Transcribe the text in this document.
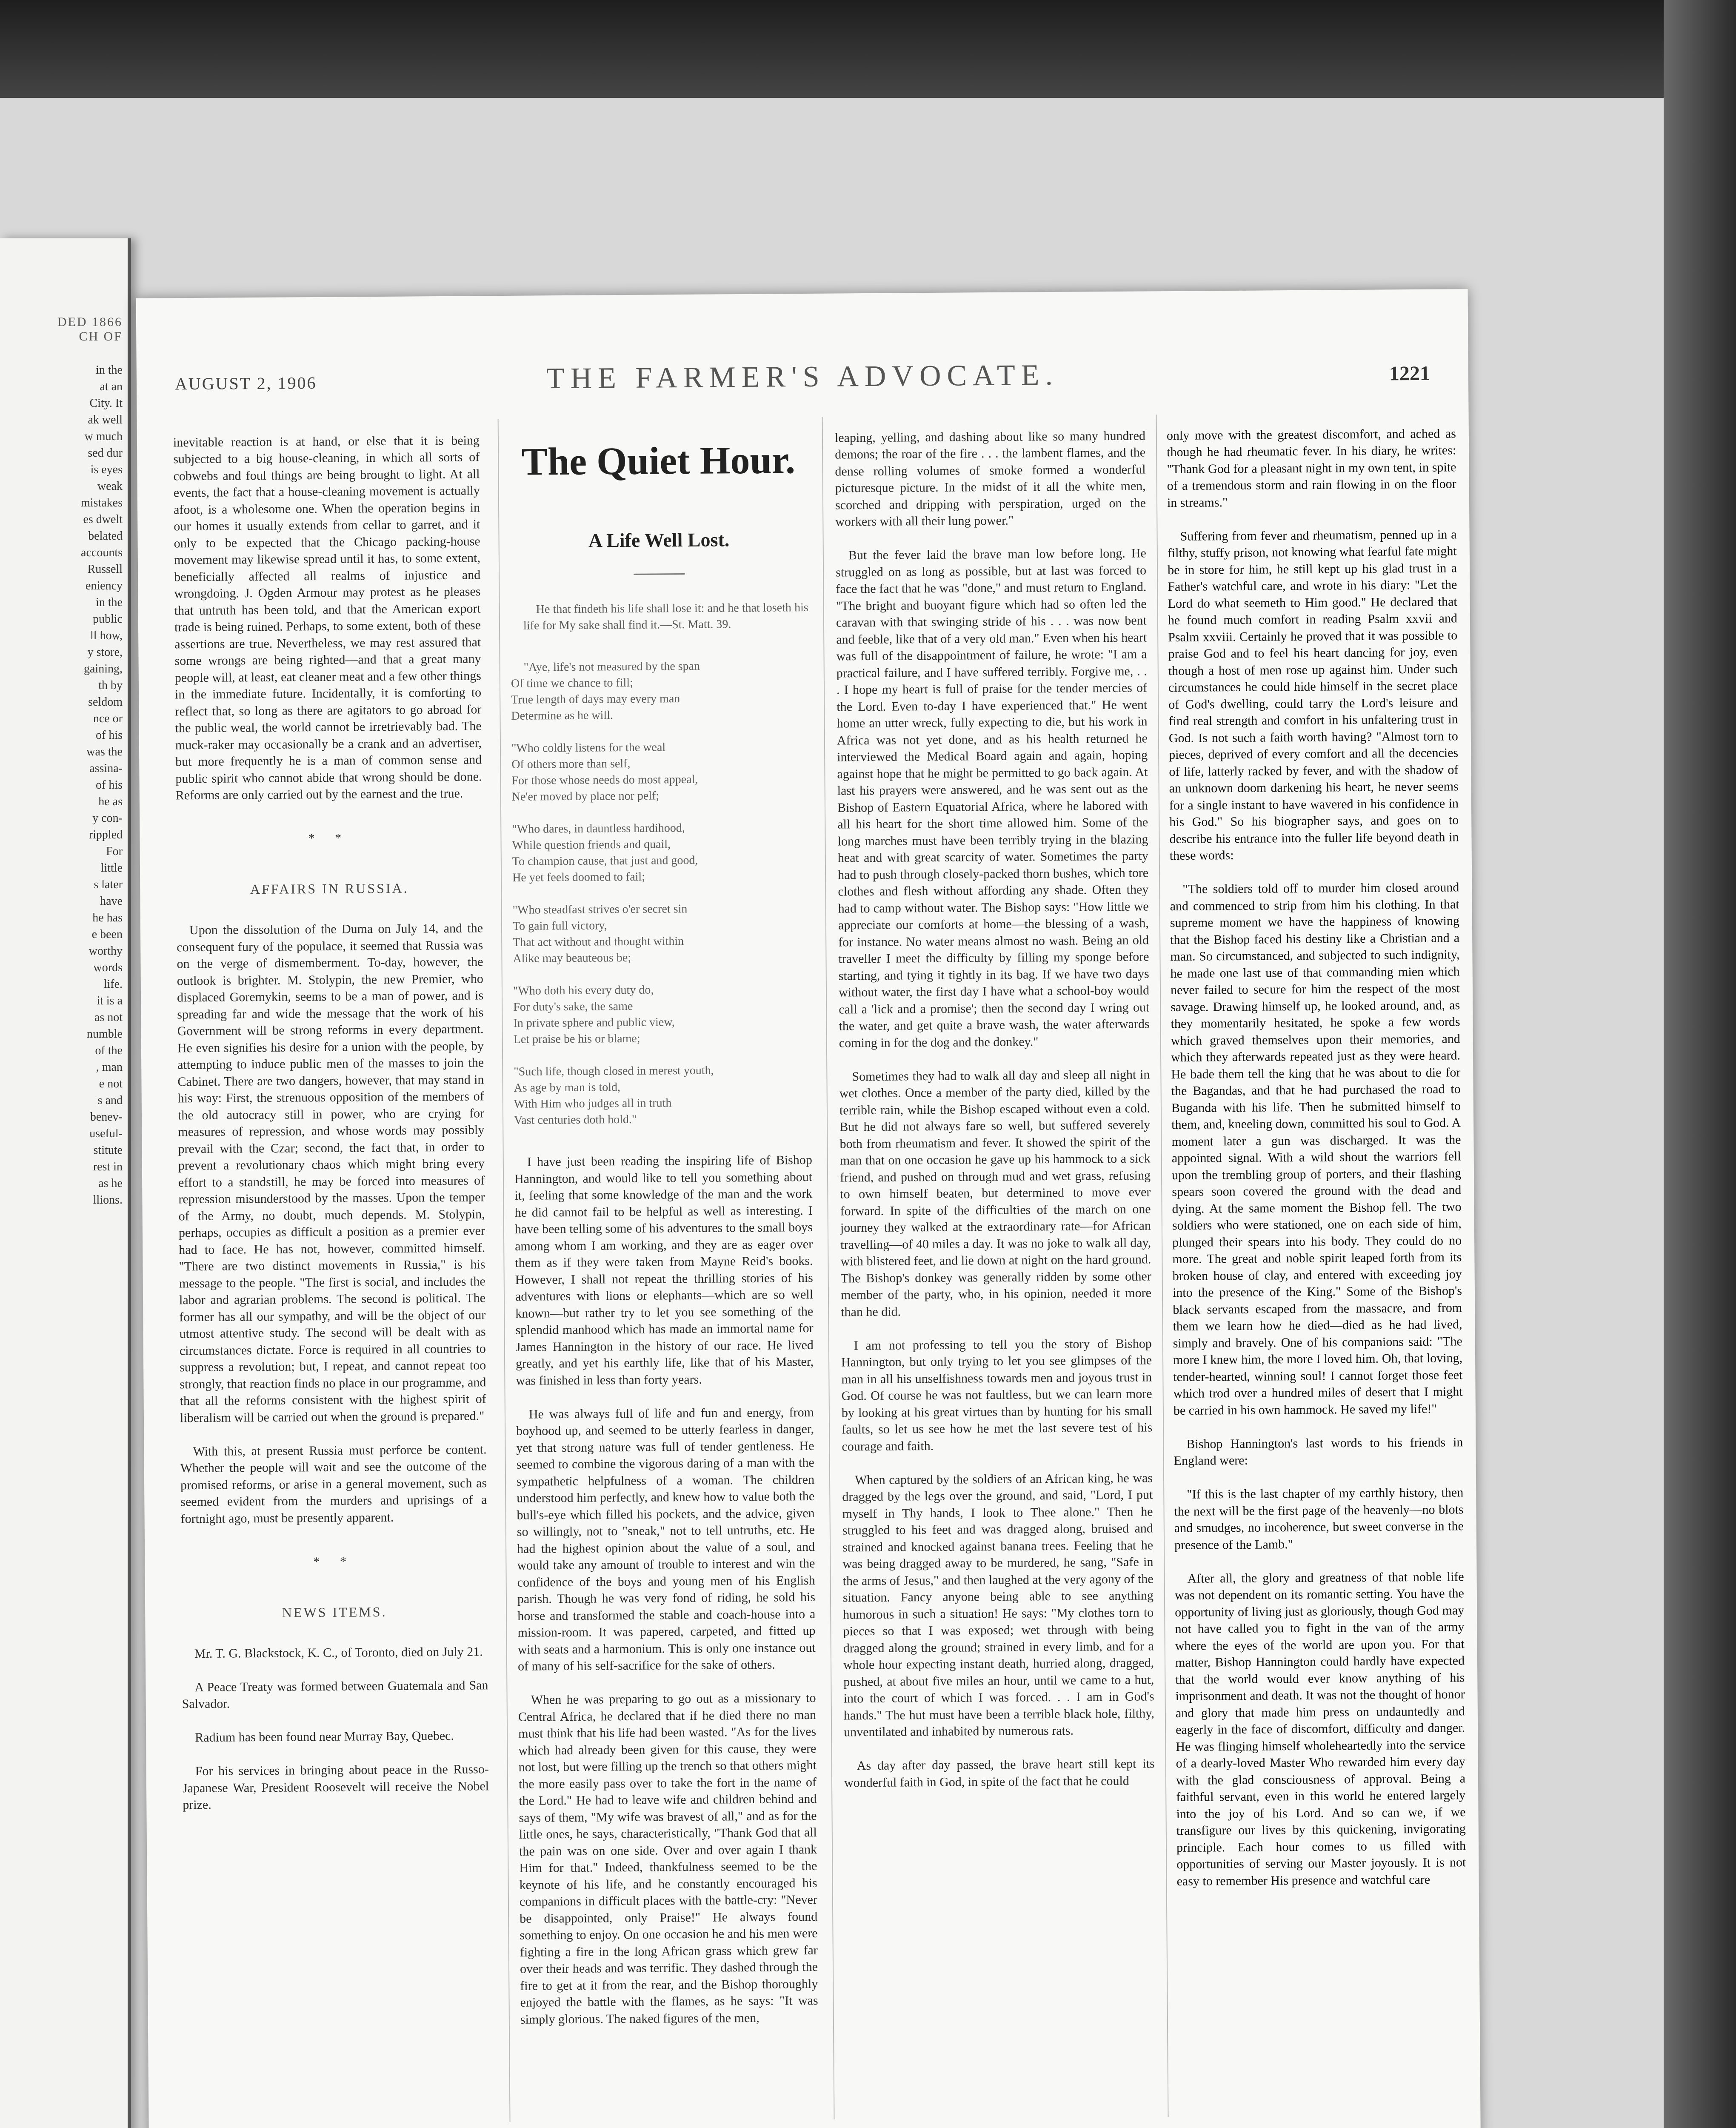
DED 1866
CH OF
in the
at an
City. It
ak well
w much
sed dur
is eyes
weak
mistakes
es dwelt
belated
accounts
Russell
eniency
in the
public
ll how,
y store,
gaining,
th by
seldom
nce or
of his
was the
assina-
of his
he as
y con-
rippled
For
little
s later
have
he has
e been
worthy
words
life.
it is a
as not
numble
of the
, man
e not
s and
benev-
useful-
stitute
rest in
as he
llions.
AUGUST 2, 1906	THE FARMER'S ADVOCATE.	1221

inevitable reaction is at hand, or else that it is being subjected to a big house-cleaning, in which all sorts of cobwebs and foul things are being brought to light. At all events, the fact that a house-cleaning movement is actually afoot, is a wholesome one. When the operation begins in our homes it usually extends from cellar to garret, and it only to be expected that the Chicago packing-house movement may likewise spread until it has, to some extent, beneficially affected all realms of injustice and wrongdoing. J. Ogden Armour may protest as he pleases that untruth has been told, and that the American export trade is being ruined. Perhaps, to some extent, both of these assertions are true. Nevertheless, we may rest assured that some wrongs are being righted—and that a great many people will, at least, eat cleaner meat and a few other things in the immediate future. Incidentally, it is comforting to reflect that, so long as there are agitators to go abroad for the public weal, the world cannot be irretrievably bad. The muck-raker may occasionally be a crank and an advertiser, but more frequently he is a man of common sense and public spirit who cannot abide that wrong should be done. Reforms are only carried out by the earnest and the true.

* *

AFFAIRS IN RUSSIA.

Upon the dissolution of the Duma on July 14, and the consequent fury of the populace, it seemed that Russia was on the verge of dismemberment. To-day, however, the outlook is brighter. M. Stolypin, the new Premier, who displaced Goremykin, seems to be a man of power, and is spreading far and wide the message that the work of his Government will be strong reforms in every department. He even signifies his desire for a union with the people, by attempting to induce public men of the masses to join the Cabinet. There are two dangers, however, that may stand in his way: First, the strenuous opposition of the members of the old autocracy still in power, who are crying for measures of repression, and whose words may possibly prevail with the Czar; second, the fact that, in order to prevent a revolutionary chaos which might bring every effort to a standstill, he may be forced into measures of repression misunderstood by the masses. Upon the temper of the Army, no doubt, much depends. M. Stolypin, perhaps, occupies as difficult a position as a premier ever had to face. He has not, however, committed himself. "There are two distinct movements in Russia," is his message to the people. "The first is social, and includes the labor and agrarian problems. The second is political. The former has all our sympathy, and will be the object of our utmost attentive study. The second will be dealt with as circumstances dictate. Force is required in all countries to suppress a revolution; but, I repeat, and cannot repeat too strongly, that reaction finds no place in our programme, and that all the reforms consistent with the highest spirit of liberalism will be carried out when the ground is prepared."

With this, at present Russia must perforce be content. Whether the people will wait and see the outcome of the promised reforms, or arise in a general movement, such as seemed evident from the murders and uprisings of a fortnight ago, must be presently apparent.

* *

NEWS ITEMS.

Mr. T. G. Blackstock, K. C., of Toronto, died on July 21.

A Peace Treaty was formed between Guatemala and San Salvador.

Radium has been found near Murray Bay, Quebec.

For his services in bringing about peace in the Russo-Japanese War, President Roosevelt will receive the Nobel prize.

The Quiet Hour.

A Life Well Lost.

He that findeth his life shall lose it: and he that loseth his life for My sake shall find it.—St. Matt. 39.

"Aye, life's not measured by the span
Of time we chance to fill;
True length of days may every man
Determine as he will.

"Who coldly listens for the weal
Of others more than self,
For those whose needs do most appeal,
Ne'er moved by place nor pelf;

"Who dares, in dauntless hardihood,
While question friends and quail,
To champion cause, that just and good,
He yet feels doomed to fail;

"Who steadfast strives o'er secret sin
To gain full victory,
That act without and thought within
Alike may beauteous be;

"Who doth his every duty do,
For duty's sake, the same
In private sphere and public view,
Let praise be his or blame;

"Such life, though closed in merest youth,
As age by man is told,
With Him who judges all in truth
Vast centuries doth hold."

I have just been reading the inspiring life of Bishop Hannington, and would like to tell you something about it, feeling that some knowledge of the man and the work he did cannot fail to be helpful as well as interesting. I have been telling some of his adventures to the small boys among whom I am working, and they are as eager over them as if they were taken from Mayne Reid's books. However, I shall not repeat the thrilling stories of his adventures with lions or elephants—which are so well known—but rather try to let you see something of the splendid manhood which has made an immortal name for James Hannington in the history of our race. He lived greatly, and yet his earthly life, like that of his Master, was finished in less than forty years.

He was always full of life and fun and energy, from boyhood up, and seemed to be utterly fearless in danger, yet that strong nature was full of tender gentleness. He seemed to combine the vigorous daring of a man with the sympathetic helpfulness of a woman. The children understood him perfectly, and knew how to value both the bull's-eye which filled his pockets, and the advice, given so willingly, not to "sneak," not to tell untruths, etc. He had the highest opinion about the value of a soul, and would take any amount of trouble to interest and win the confidence of the boys and young men of his English parish. Though he was very fond of riding, he sold his horse and transformed the stable and coach-house into a mission-room. It was papered, carpeted, and fitted up with seats and a harmonium. This is only one instance out of many of his self-sacrifice for the sake of others.

When he was preparing to go out as a missionary to Central Africa, he declared that if he died there no man must think that his life had been wasted. "As for the lives which had already been given for this cause, they were not lost, but were filling up the trench so that others might the more easily pass over to take the fort in the name of the Lord." He had to leave wife and children behind and says of them, "My wife was bravest of all," and as for the little ones, he says, characteristically, "Thank God that all the pain was on one side. Over and over again I thank Him for that." Indeed, thankfulness seemed to be the keynote of his life, and he constantly encouraged his companions in difficult places with the battle-cry: "Never be disappointed, only Praise!" He always found something to enjoy. On one occasion he and his men were fighting a fire in the long African grass which grew far over their heads and was terrific. They dashed through the fire to get at it from the rear, and the Bishop thoroughly enjoyed the battle with the flames, as he says: "It was simply glorious. The naked figures of the men,

leaping, yelling, and dashing about like so many hundred demons; the roar of the fire . . . the lambent flames, and the dense rolling volumes of smoke formed a wonderful picturesque picture. In the midst of it all the white men, scorched and dripping with perspiration, urged on the workers with all their lung power."

But the fever laid the brave man low before long. He struggled on as long as possible, but at last was forced to face the fact that he was "done," and must return to England. "The bright and buoyant figure which had so often led the caravan with that swinging stride of his . . . was now bent and feeble, like that of a very old man." Even when his heart was full of the disappointment of failure, he wrote: "I am a practical failure, and I have suffered terribly. Forgive me, . . . I hope my heart is full of praise for the tender mercies of the Lord. Even to-day I have experienced that." He went home an utter wreck, fully expecting to die, but his work in Africa was not yet done, and as his health returned he interviewed the Medical Board again and again, hoping against hope that he might be permitted to go back again. At last his prayers were answered, and he was sent out as the Bishop of Eastern Equatorial Africa, where he labored with all his heart for the short time allowed him. Some of the long marches must have been terribly trying in the blazing heat and with great scarcity of water. Sometimes the party had to push through closely-packed thorn bushes, which tore clothes and flesh without affording any shade. Often they had to camp without water. The Bishop says: "How little we appreciate our comforts at home—the blessing of a wash, for instance. No water means almost no wash. Being an old traveller I meet the difficulty by filling my sponge before starting, and tying it tightly in its bag. If we have two days without water, the first day I have what a school-boy would call a 'lick and a promise'; then the second day I wring out the water, and get quite a brave wash, the water afterwards coming in for the dog and the donkey."

Sometimes they had to walk all day and sleep all night in wet clothes. Once a member of the party died, killed by the terrible rain, while the Bishop escaped without even a cold. But he did not always fare so well, but suffered severely both from rheumatism and fever. It showed the spirit of the man that on one occasion he gave up his hammock to a sick friend, and pushed on through mud and wet grass, refusing to own himself beaten, but determined to move ever forward. In spite of the difficulties of the march on one journey they walked at the extraordinary rate—for African travelling—of 40 miles a day. It was no joke to walk all day, with blistered feet, and lie down at night on the hard ground. The Bishop's donkey was generally ridden by some other member of the party, who, in his opinion, needed it more than he did.

I am not professing to tell you the story of Bishop Hannington, but only trying to let you see glimpses of the man in all his unselfishness towards men and joyous trust in God. Of course he was not faultless, but we can learn more by looking at his great virtues than by hunting for his small faults, so let us see how he met the last severe test of his courage and faith.

When captured by the soldiers of an African king, he was dragged by the legs over the ground, and said, "Lord, I put myself in Thy hands, I look to Thee alone." Then he struggled to his feet and was dragged along, bruised and strained and knocked against banana trees. Feeling that he was being dragged away to be murdered, he sang, "Safe in the arms of Jesus," and then laughed at the very agony of the situation. Fancy anyone being able to see anything humorous in such a situation! He says: "My clothes torn to pieces so that I was exposed; wet through with being dragged along the ground; strained in every limb, and for a whole hour expecting instant death, hurried along, dragged, pushed, at about five miles an hour, until we came to a hut, into the court of which I was forced. . . I am in God's hands." The hut must have been a terrible black hole, filthy, unventilated and inhabited by numerous rats.

As day after day passed, the brave heart still kept its wonderful faith in God, in spite of the fact that he could

only move with the greatest discomfort, and ached as though he had rheumatic fever. In his diary, he writes: "Thank God for a pleasant night in my own tent, in spite of a tremendous storm and rain flowing in on the floor in streams."

Suffering from fever and rheumatism, penned up in a filthy, stuffy prison, not knowing what fearful fate might be in store for him, he still kept up his glad trust in a Father's watchful care, and wrote in his diary: "Let the Lord do what seemeth to Him good." He declared that he found much comfort in reading Psalm xxvii and Psalm xxviii. Certainly he proved that it was possible to praise God and to feel his heart dancing for joy, even though a host of men rose up against him. Under such circumstances he could hide himself in the secret place of God's dwelling, could tarry the Lord's leisure and find real strength and comfort in his unfaltering trust in God. Is not such a faith worth having? "Almost torn to pieces, deprived of every comfort and all the decencies of life, latterly racked by fever, and with the shadow of an unknown doom darkening his heart, he never seems for a single instant to have wavered in his confidence in his God." So his biographer says, and goes on to describe his entrance into the fuller life beyond death in these words:

"The soldiers told off to murder him closed around and commenced to strip from him his clothing. In that supreme moment we have the happiness of knowing that the Bishop faced his destiny like a Christian and a man. So circumstanced, and subjected to such indignity, he made one last use of that commanding mien which never failed to secure for him the respect of the most savage. Drawing himself up, he looked around, and, as they momentarily hesitated, he spoke a few words which graved themselves upon their memories, and which they afterwards repeated just as they were heard. He bade them tell the king that he was about to die for the Bagandas, and that he had purchased the road to Buganda with his life. Then he submitted himself to them, and, kneeling down, committed his soul to God. A moment later a gun was discharged. It was the appointed signal. With a wild shout the warriors fell upon the trembling group of porters, and their flashing spears soon covered the ground with the dead and dying. At the same moment the Bishop fell. The two soldiers who were stationed, one on each side of him, plunged their spears into his body. They could do no more. The great and noble spirit leaped forth from its broken house of clay, and entered with exceeding joy into the presence of the King." Some of the Bishop's black servants escaped from the massacre, and from them we learn how he died—died as he had lived, simply and bravely. One of his companions said: "The more I knew him, the more I loved him. Oh, that loving, tender-hearted, winning soul! I cannot forget those feet which trod over a hundred miles of desert that I might be carried in his own hammock. He saved my life!"

Bishop Hannington's last words to his friends in England were:

"If this is the last chapter of my earthly history, then the next will be the first page of the heavenly—no blots and smudges, no incoherence, but sweet converse in the presence of the Lamb."

After all, the glory and greatness of that noble life was not dependent on its romantic setting. You have the opportunity of living just as gloriously, though God may not have called you to fight in the van of the army where the eyes of the world are upon you. For that matter, Bishop Hannington could hardly have expected that the world would ever know anything of his imprisonment and death. It was not the thought of honor and glory that made him press on undauntedly and eagerly in the face of discomfort, difficulty and danger. He was flinging himself wholeheartedly into the service of a dearly-loved Master Who rewarded him every day with the glad consciousness of approval. Being a faithful servant, even in this world he entered largely into the joy of his Lord. And so can we, if we transfigure our lives by this quickening, invigorating principle. Each hour comes to us filled with opportunities of serving our Master joyously. It is not easy to remember His presence and watchful care
